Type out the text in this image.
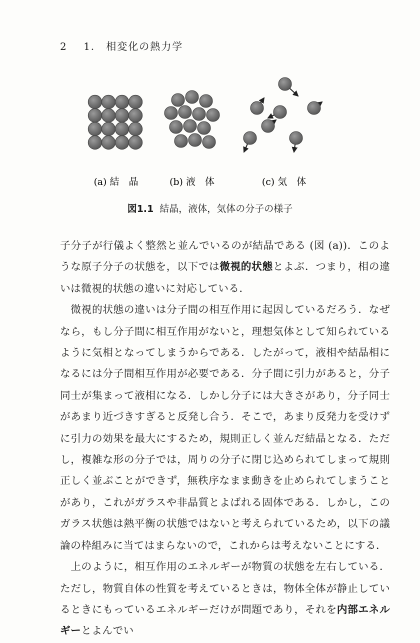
2 1.　相変化の熱力学
(a) 結　晶	(b) 液　体	(c) 気　体
図1.1 結晶，液体，気体の分子の様子

子分子が行儀よく整然と並んでいるのが結晶である (図 (a))．このような原子分子の状態を，以下では微視的状態とよぶ．つまり，相の違いは微視的状態の違いに対応している．

　微視的状態の違いは分子間の相互作用に起因しているだろう．なぜなら，もし分子間に相互作用がないと，理想気体として知られているように気相となってしまうからである．したがって，液相や結晶相になるには分子間相互作用が必要である．分子間に引力があると，分子同士が集まって液相になる．しかし分子には大きさがあり，分子同士があまり近づきすぎると反発し合う．そこで，あまり反発力を受けずに引力の効果を最大にするため，規則正しく並んだ結晶となる．ただし，複雑な形の分子では，周りの分子に閉じ込められてしまって規則正しく並ぶことができず，無秩序なまま動きを止められてしまうことがあり，これがガラスや非晶質とよばれる固体である．しかし，このガラス状態は熱平衡の状態ではないと考えられているため，以下の議論の枠組みに当てはまらないので，これからは考えないことにする．

　上のように，相互作用のエネルギーが物質の状態を左右している．ただし，物質自体の性質を考えているときは，物体全体が静止しているときにもっているエネルギーだけが問題であり，それを内部エネルギーとよんでい
